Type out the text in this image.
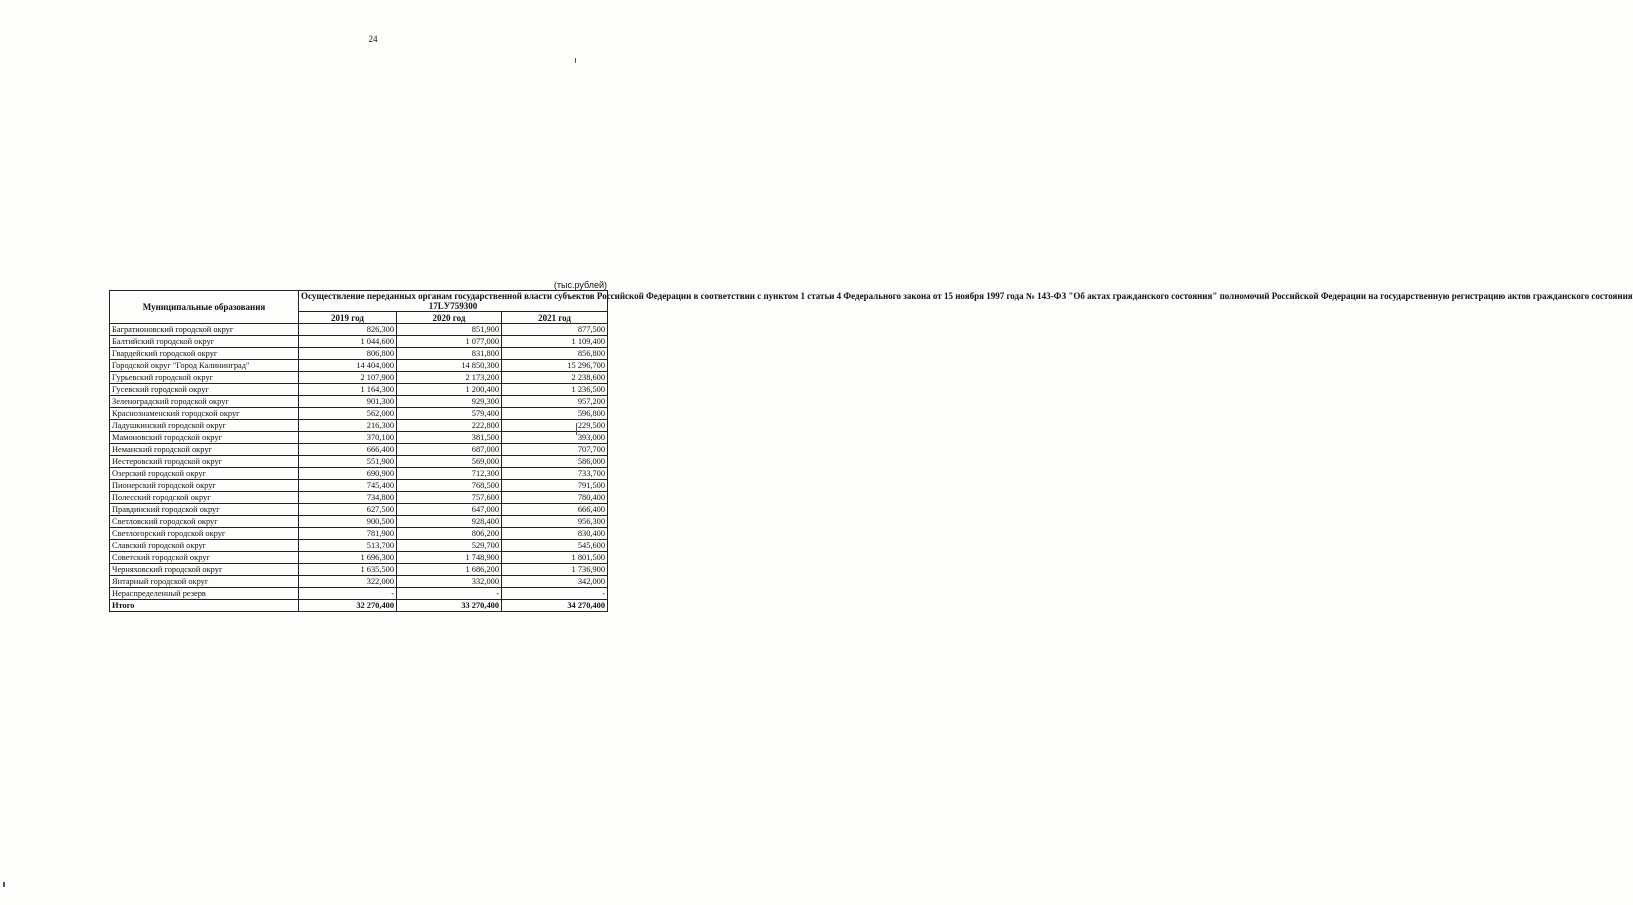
24
(тыс.рублей)
Муниципальные образования	Осуществление переданных органам государственной власти субъектов Российской Федерации в соответствии с пунктом 1 статьи 4 Федерального закона от 15 ноября 1997 года № 143-ФЗ "Об актах гражданского состояния" полномочий Российской Федерации на государственную регистрацию актов гражданского состояния
17LУ759300		
	2019 год	2020 год	2021 год
Багратионовский городской округ	826,300	851,900	877,500
Балтийский городской округ	1 044,600	1 077,000	1 109,400
Гвардейский городской округ	806,800	831,800	856,800
Городской округ "Город Калининград"	14 404,000	14 850,300	15 296,700
Гурьевский городской округ	2 107,900	2 173,200	2 238,600
Гусевский городской округ	1 164,300	1 200,400	1 236,500
Зеленоградский городской округ	901,300	929,300	957,200
Краснознаменский городской округ	562,000	579,400	596,800
Ладушкинский городской округ	216,300	222,800	229,500
Мамоновский городской округ	370,100	381,500	393,000
Неманский городской округ	666,400	687,000	707,700
Нестеровский городской округ	551,900	569,000	586,000
Озерский городской округ	690,900	712,300	733,700
Пионерский городской округ	745,400	768,500	791,500
Полесский городской округ	734,800	757,600	780,400
Правдинский городской округ	627,500	647,000	666,400
Светловский городской округ	900,500	928,400	956,300
Светлогорский городской округ	781,900	806,200	830,400
Славский городской округ	513,700	529,700	545,600
Советский городской округ	1 696,300	1 748,900	1 801,500
Черняховский городской округ	1 635,500	1 686,200	1 736,900
Янтарный городской округ	322,000	332,000	342,000
Нераспределенный резерв	-	-	-
Итого	32 270,400	33 270,400	34 270,400
